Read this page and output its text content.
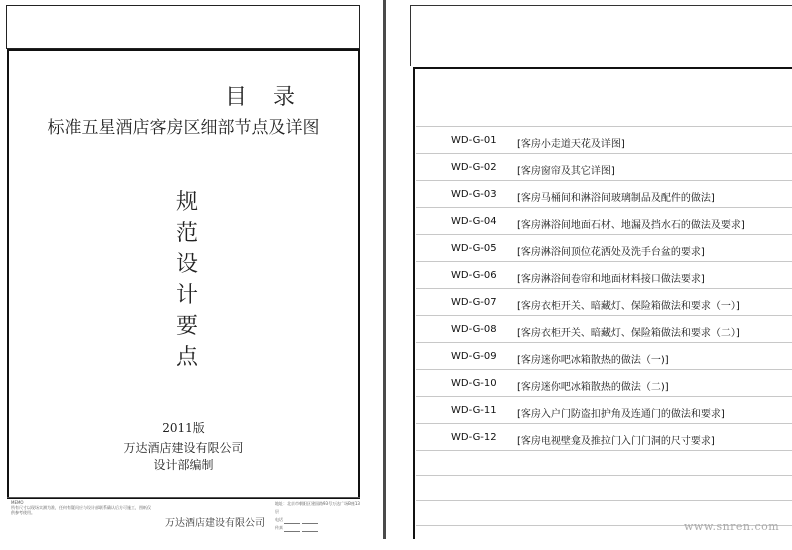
标准五星酒店客房区细部节点及详图
规范设计要点
2011版
万达酒店建设有限公司
设计部编制
MEMO
所有尺寸以现场实测为准，任何有疑问应与设计部联系确认后方可施工，图纸仅供参考使用。
万达酒店建设有限公司
地址：北京市朝阳区建国路93号万达广场B座13层
电话
传真
目录
WD-G-01 [客房小走道天花及详图]
WD-G-02 [客房窗帘及其它详图]
WD-G-03 [客房马桶间和淋浴间玻璃制品及配件的做法]
WD-G-04 [客房淋浴间地面石材、地漏及挡水石的做法及要求]
WD-G-05 [客房淋浴间顶位花洒处及洗手台盆的要求]
WD-G-06 [客房淋浴间卷帘和地面材料接口做法要求]
WD-G-07 [客房衣柜开关、暗藏灯、保险箱做法和要求（一）]
WD-G-08 [客房衣柜开关、暗藏灯、保险箱做法和要求（二）]
WD-G-09 [客房迷你吧冰箱散热的做法（一)]
WD-G-10 [客房迷你吧冰箱散热的做法（二)]
WD-G-11 [客房入户门防盗扣护角及连通门的做法和要求]
WD-G-12 [客房电视壁龛及推拉门入门门洞的尺寸要求]
www.snren.com
